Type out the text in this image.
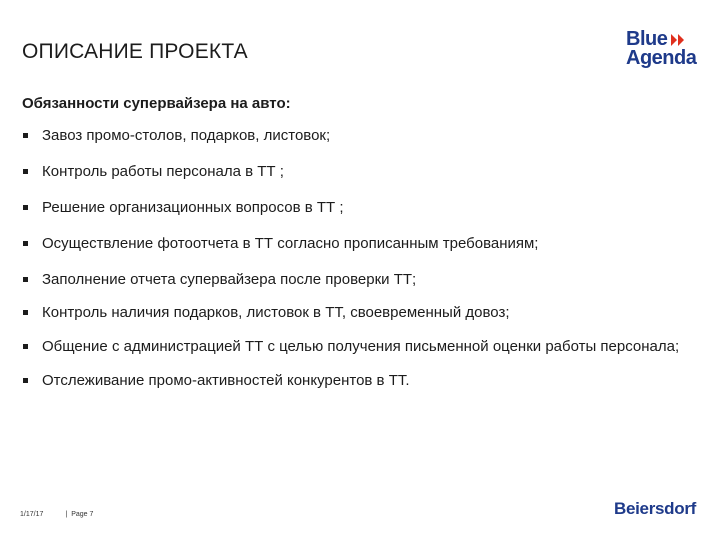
ОПИСАНИЕ ПРОЕКТА
Blue
Agenda
Обязанности супервайзера на авто:
Завоз промо-столов, подарков, листовок;
Контроль работы персонала в ТТ ;
Решение организационных вопросов в ТТ ;
Осуществление фотоотчета в ТТ согласно прописанным требованиям;
Заполнение отчета супервайзера после проверки ТТ;
Контроль наличия подарков, листовок в ТТ, своевременный довоз;
Общение с администрацией ТТ с целью получения письменной оценки работы персонала;
Отслеживание промо-активностей конкурентов в ТТ.
1/17/17	| Page 7	Beiersdorf
